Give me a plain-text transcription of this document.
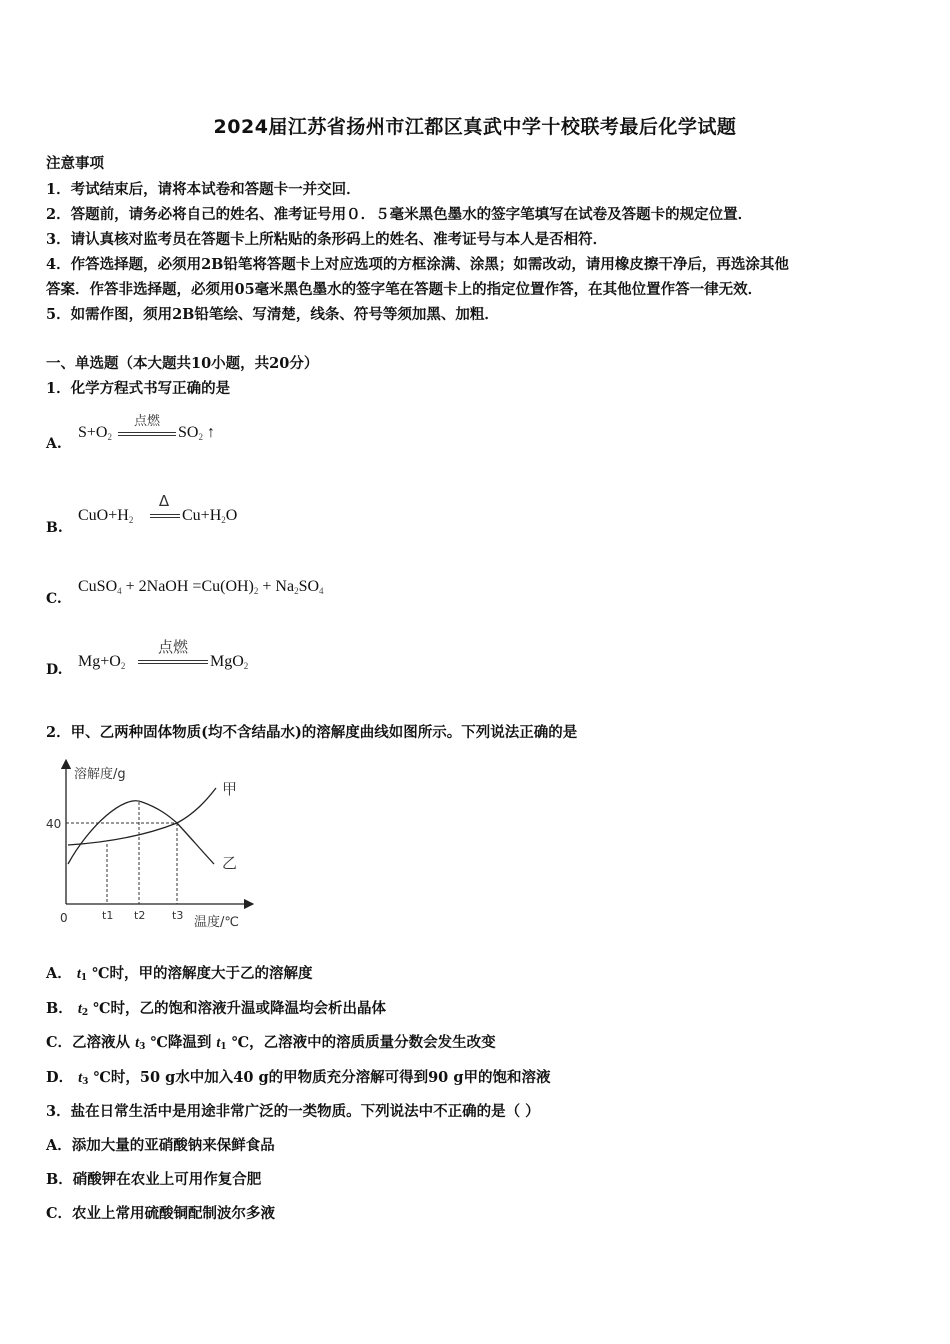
2024届江苏省扬州市江都区真武中学十校联考最后化学试题
注意事项
1．考试结束后，请将本试卷和答题卡一并交回．
2．答题前，请务必将自己的姓名、准考证号用０．５毫米黑色墨水的签字笔填写在试卷及答题卡的规定位置．
3．请认真核对监考员在答题卡上所粘贴的条形码上的姓名、准考证号与本人是否相符．
4．作答选择题，必须用2B铅笔将答题卡上对应选项的方框涂满、涂黑；如需改动，请用橡皮擦干净后，再选涂其他
答案．作答非选择题，必须用05毫米黑色墨水的签字笔在答题卡上的指定位置作答，在其他位置作答一律无效．
5．如需作图，须用2B铅笔绘、写清楚，线条、符号等须加黑、加粗．
一、单选题（本大题共10小题，共20分）
1．化学方程式书写正确的是
A.
$S+O_2$
点燃
$SO_2$ ↑
B.
$CuO+H_2$
Δ
$Cu+H_2O$
C.
CuSO$_4$ + 2NaOH $=Cu(OH)_2 + Na_2SO_4$
D. $Mg+O_2$
点燃
MgO$_2$
2．甲、乙两种固体物质(均不含结晶水)的溶解度曲线如图所示。下列说法正确的是
溶解度/g
温度/℃
0
40
t1 t2 t3
甲
乙
A． t1 ℃时，甲的溶解度大于乙的溶解度
B． t2 ℃时，乙的饱和溶液升温或降温均会析出晶体
C．乙溶液从 t3 ℃降温到 t1 ℃，乙溶液中的溶质质量分数会发生改变
D． t3 ℃时，50 g水中加入40 g的甲物质充分溶解可得到90 g甲的饱和溶液
3．盐在日常生活中是用途非常广泛的一类物质。下列说法中不正确的是（ ）
A．添加大量的亚硝酸钠来保鲜食品
B．硝酸钾在农业上可用作复合肥
C．农业上常用硫酸铜配制波尔多液
